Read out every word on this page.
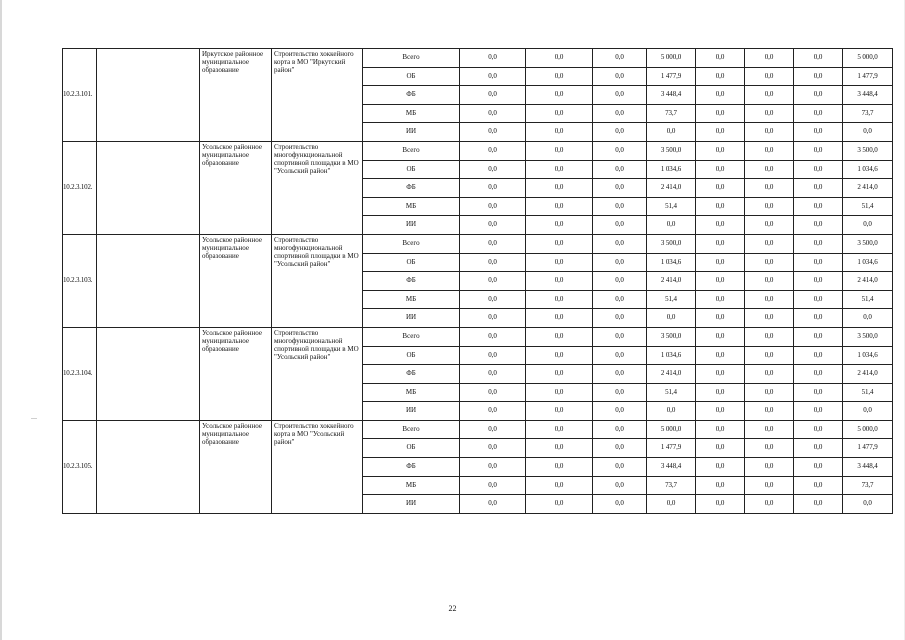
10.2.3.101.		Иркутское районное муниципальное образование	Строительство хоккейного корта в МО "Иркутский район"	Всего	0,0	0,0	0,0	5 000,0	0,0	0,0	0,0	5 000,0
				ОБ	0,0	0,0	0,0	1 477,9	0,0	0,0	0,0	1 477,9
				ФБ	0,0	0,0	0,0	3 448,4	0,0	0,0	0,0	3 448,4
				МБ	0,0	0,0	0,0	73,7	0,0	0,0	0,0	73,7
				ИИ	0,0	0,0	0,0	0,0	0,0	0,0	0,0	0,0
10.2.3.102.		Усольское районное муниципальное образование	Строительство многофункциональной спортивной площадки в МО "Усольский район"	Всего	0,0	0,0	0,0	3 500,0	0,0	0,0	0,0	3 500,0
				ОБ	0,0	0,0	0,0	1 034,6	0,0	0,0	0,0	1 034,6
				ФБ	0,0	0,0	0,0	2 414,0	0,0	0,0	0,0	2 414,0
				МБ	0,0	0,0	0,0	51,4	0,0	0,0	0,0	51,4
				ИИ	0,0	0,0	0,0	0,0	0,0	0,0	0,0	0,0
10.2.3.103.		Усольское районное муниципальное образование	Строительство многофункциональной спортивной площадки в МО "Усольский район"	Всего	0,0	0,0	0,0	3 500,0	0,0	0,0	0,0	3 500,0
				ОБ	0,0	0,0	0,0	1 034,6	0,0	0,0	0,0	1 034,6
				ФБ	0,0	0,0	0,0	2 414,0	0,0	0,0	0,0	2 414,0
				МБ	0,0	0,0	0,0	51,4	0,0	0,0	0,0	51,4
				ИИ	0,0	0,0	0,0	0,0	0,0	0,0	0,0	0,0
10.2.3.104.		Усольское районное муниципальное образование	Строительство многофункциональной спортивной площадки в МО "Усольский район"	Всего	0,0	0,0	0,0	3 500,0	0,0	0,0	0,0	3 500,0
				ОБ	0,0	0,0	0,0	1 034,6	0,0	0,0	0,0	1 034,6
				ФБ	0,0	0,0	0,0	2 414,0	0,0	0,0	0,0	2 414,0
				МБ	0,0	0,0	0,0	51,4	0,0	0,0	0,0	51,4
				ИИ	0,0	0,0	0,0	0,0	0,0	0,0	0,0	0,0
10.2.3.105.		Усольское районное муниципальное образование	Строительство хоккейного корта в МО "Усольский район"	Всего	0,0	0,0	0,0	5 000,0	0,0	0,0	0,0	5 000,0
				ОБ	0,0	0,0	0,0	1 477,9	0,0	0,0	0,0	1 477,9
				ФБ	0,0	0,0	0,0	3 448,4	0,0	0,0	0,0	3 448,4
				МБ	0,0	0,0	0,0	73,7	0,0	0,0	0,0	73,7
				ИИ	0,0	0,0	0,0	0,0	0,0	0,0	0,0	0,0
22
